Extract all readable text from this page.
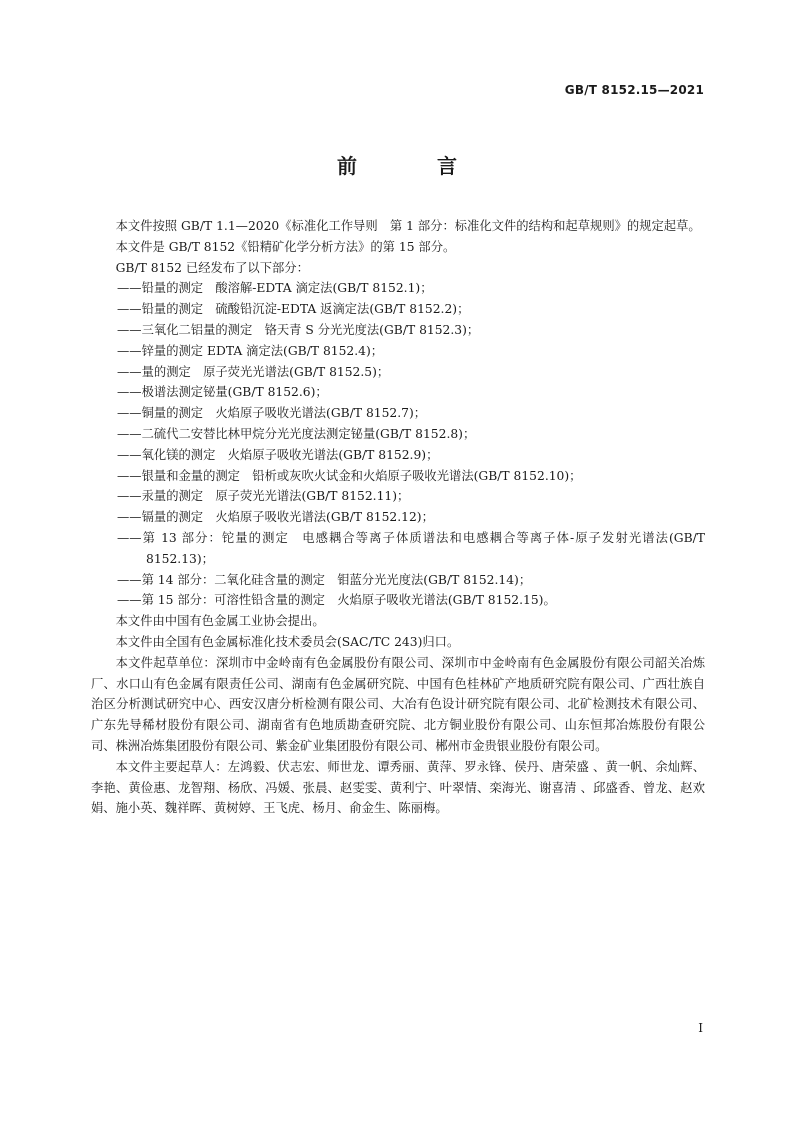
GB/T 8152.15—2021
前　言

本文件按照 GB/T 1.1—2020《标准化工作导则　第 1 部分：标准化文件的结构和起草规则》的规定起草。

本文件是 GB/T 8152《铅精矿化学分析方法》的第 15 部分。

GB/T 8152 已经发布了以下部分：

——铅量的测定　酸溶解-EDTA 滴定法(GB/T 8152.1)；

——铅量的测定　硫酸铅沉淀-EDTA 返滴定法(GB/T 8152.2)；

——三氧化二铝量的测定　铬天青 S 分光光度法(GB/T 8152.3)；

——锌量的测定 EDTA 滴定法(GB/T 8152.4)；

——量的测定　原子荧光光谱法(GB/T 8152.5)；

——极谱法测定铋量(GB/T 8152.6)；

——铜量的测定　火焰原子吸收光谱法(GB/T 8152.7)；

——二硫代二安替比林甲烷分光光度法测定铋量(GB/T 8152.8)；

——氧化镁的测定　火焰原子吸收光谱法(GB/T 8152.9)；

——银量和金量的测定　铅析或灰吹火试金和火焰原子吸收光谱法(GB/T 8152.10)；

——汞量的测定　原子荧光光谱法(GB/T 8152.11)；

——镉量的测定　火焰原子吸收光谱法(GB/T 8152.12)；

——第 13 部分：铊量的测定　电感耦合等离子体质谱法和电感耦合等离子体-原子发射光谱法(GB/T 8152.13)；

——第 14 部分：二氧化硅含量的测定　钼蓝分光光度法(GB/T 8152.14)；

——第 15 部分：可溶性铅含量的测定　火焰原子吸收光谱法(GB/T 8152.15)。

本文件由中国有色金属工业协会提出。

本文件由全国有色金属标准化技术委员会(SAC/TC 243)归口。

本文件起草单位：深圳市中金岭南有色金属股份有限公司、深圳市中金岭南有色金属股份有限公司韶关冶炼厂、水口山有色金属有限责任公司、湖南有色金属研究院、中国有色桂林矿产地质研究院有限公司、广西壮族自治区分析测试研究中心、西安汉唐分析检测有限公司、大冶有色设计研究院有限公司、北矿检测技术有限公司、广东先导稀材股份有限公司、湖南省有色地质勘查研究院、北方铜业股份有限公司、山东恒邦冶炼股份有限公司、株洲冶炼集团股份有限公司、紫金矿业集团股份有限公司、郴州市金贵银业股份有限公司。

本文件主要起草人：左鸿毅、伏志宏、师世龙、谭秀丽、黄萍、罗永锋、侯丹、唐荣盛 、黄一帆、余灿辉、李艳、黄俭惠、龙智翔、杨欣、冯媛、张晨、赵雯雯、黄利宁、叶翠情、栾海光、谢喜清 、邱盛香、曾龙、赵欢娟、施小英、魏祥晖、黄树婷、王飞虎、杨月、俞金生、陈丽梅。

I
